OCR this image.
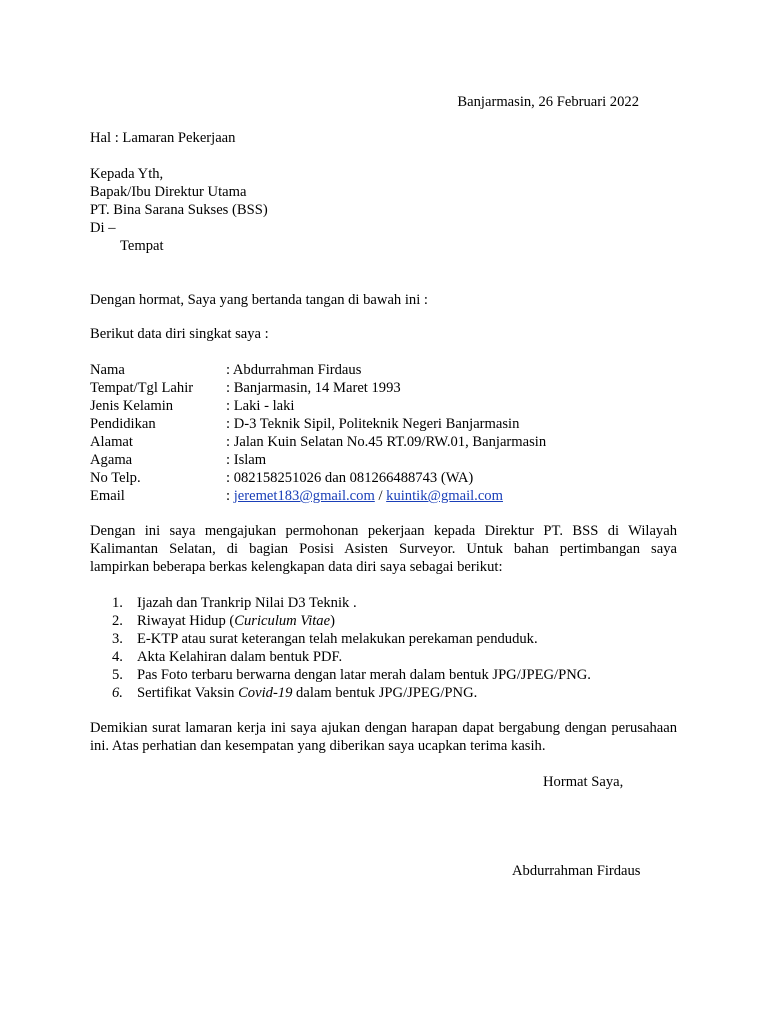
Banjarmasin, 26 Februari 2022
Hal : Lamaran Pekerjaan
Kepada Yth,
Bapak/Ibu Direktur Utama
PT. Bina Sarana Sukses (BSS)
Di –
Tempat
Dengan hormat, Saya yang bertanda tangan di bawah ini :
Berikut data diri singkat saya :
Nama	: Abdurrahman Firdaus
Tempat/Tgl Lahir : Banjarmasin, 14 Maret 1993
Jenis Kelamin	: Laki - laki
Pendidikan	: D-3 Teknik Sipil, Politeknik Negeri Banjarmasin
Alamat	: Jalan Kuin Selatan No.45 RT.09/RW.01, Banjarmasin
Agama	: Islam
No Telp.	: 082158251026 dan 081266488743 (WA)
Email	: jeremet183@gmail.com / kuintik@gmail.com
Dengan ini saya mengajukan permohonan pekerjaan kepada Direktur PT. BSS di Wilayah
Kalimantan Selatan, di bagian Posisi Asisten Surveyor. Untuk bahan pertimbangan saya
lampirkan beberapa berkas kelengkapan data diri saya sebagai berikut:
1. Ijazah dan Trankrip Nilai D3 Teknik .
2. Riwayat Hidup (Curiculum Vitae)
3. E-KTP atau surat keterangan telah melakukan perekaman penduduk.
4. Akta Kelahiran dalam bentuk PDF.
5. Pas Foto terbaru berwarna dengan latar merah dalam bentuk JPG/JPEG/PNG.
6. Sertifikat Vaksin Covid-19 dalam bentuk JPG/JPEG/PNG.
Demikian surat lamaran kerja ini saya ajukan dengan harapan dapat bergabung dengan perusahaan
ini. Atas perhatian dan kesempatan yang diberikan saya ucapkan terima kasih.
Hormat Saya,
Abdurrahman Firdaus
